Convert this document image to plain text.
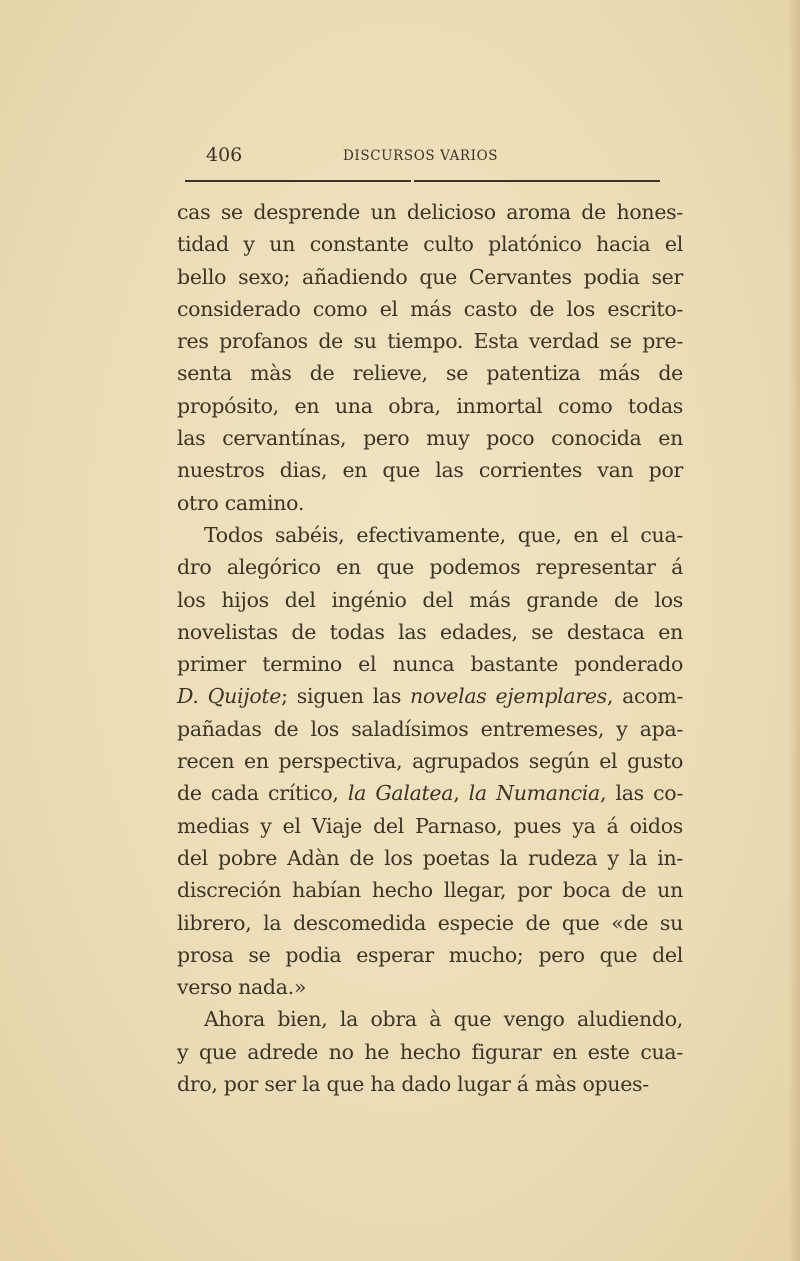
406	DISCURSOS VARIOS
cas se desprende un delicioso aroma de hones-
tidad y un constante culto platónico hacia el
bello sexo; añadiendo que Cervantes podia ser
considerado como el más casto de los escrito-
res profanos de su tiempo. Esta verdad se pre-
senta màs de relieve, se patentiza más de
propósito, en una obra, inmortal como todas
las cervantínas, pero muy poco conocida en
nuestros dias, en que las corrientes van por
otro camino.
Todos sabéis, efectivamente, que, en el cua-
dro alegórico en que podemos representar á
los hijos del ingénio del más grande de los
novelistas de todas las edades, se destaca en
primer termino el nunca bastante ponderado
D. Quijote; siguen las novelas ejemplares, acom-
pañadas de los saladísimos entremeses, y apa-
recen en perspectiva, agrupados según el gusto
de cada crítico, la Galatea, la Numancia, las co-
medias y el Viaje del Parnaso, pues ya á oidos
del pobre Adàn de los poetas la rudeza y la in-
discreción habían hecho llegar, por boca de un
librero, la descomedida especie de que «de su
prosa se podia esperar mucho; pero que del
verso nada.»
Ahora bien, la obra à que vengo aludiendo,
y que adrede no he hecho figurar en este cua-
dro, por ser la que ha dado lugar á màs opues-
